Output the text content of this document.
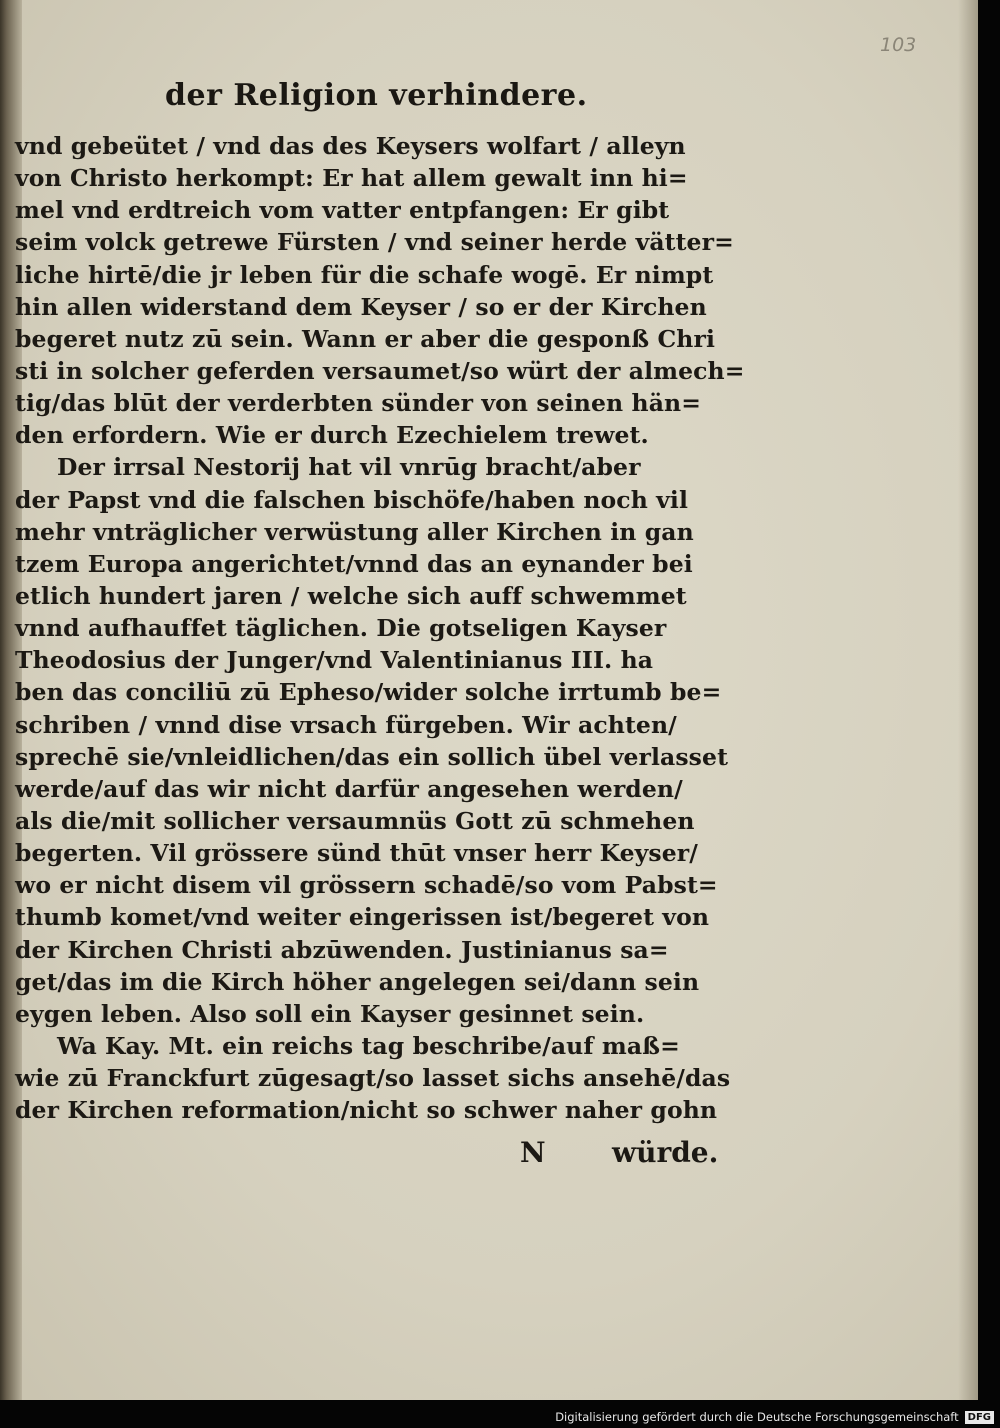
103
der Religion verhindere.
vnd gebeütet / vnd das des Keysers wolfart / alleyn
von Christo herkompt: Er hat allem gewalt inn hi=
mel vnd erdtreich vom vatter entpfangen: Er gibt
seim volck getrewe Fürsten / vnd seiner herde vätter=
liche hirtē/die jr leben für die schafe wogē. Er nimpt
hin allen widerstand dem Keyser / so er der Kirchen
begeret nutz zū sein. Wann er aber die gesponß Chri
sti in solcher geferden versaumet/so würt der almech=
tig/das blūt der verderbten sünder von seinen hän=
den erfordern. Wie er durch Ezechielem trewet.
Der irrsal Nestorij hat vil vnrūg bracht/aber
der Papst vnd die falschen bischöfe/haben noch vil
mehr vnträglicher verwüstung aller Kirchen in gan
tzem Europa angerichtet/vnnd das an eynander bei
etlich hundert jaren / welche sich auff schwemmet
vnnd aufhauffet täglichen. Die gotseligen Kayser
Theodosius der Junger/vnd Valentinianus III. ha
ben das conciliū zū Epheso/wider solche irrtumb be=
schriben / vnnd dise vrsach fürgeben. Wir achten/
sprechē sie/vnleidlichen/das ein sollich übel verlasset
werde/auf das wir nicht darfür angesehen werden/
als die/mit sollicher versaumnüs Gott zū schmehen
begerten. Vil grössere sünd thūt vnser herr Keyser/
wo er nicht disem vil grössern schadē/so vom Pabst=
thumb komet/vnd weiter eingerissen ist/begeret von
der Kirchen Christi abzūwenden. Justinianus sa=
get/das im die Kirch höher angelegen sei/dann sein
eygen leben. Also soll ein Kayser gesinnet sein.
Wa Kay. Mt. ein reichs tag beschribe/auf maß=
wie zū Franckfurt zūgesagt/so lasset sichs ansehē/das
der Kirchen reformation/nicht so schwer naher gohn
N würde.
Digitalisierung gefördert durch die Deutsche Forschungsgemeinschaft DFG
